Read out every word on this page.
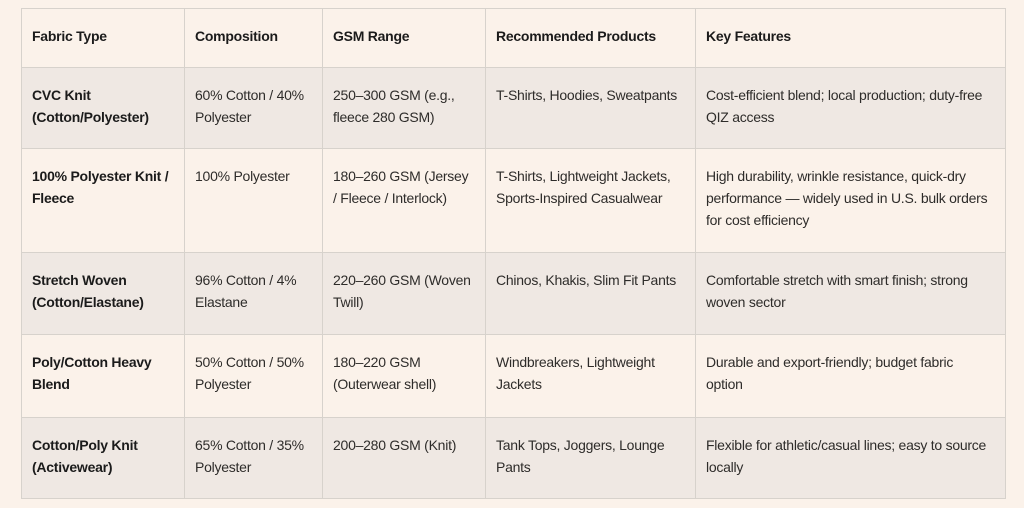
Fabric Type	Composition	GSM Range	Recommended Products	Key Features
CVC Knit (Cotton/Polyester)	60% Cotton / 40% Polyester	250–300 GSM (e.g., fleece 280 GSM)	T-Shirts, Hoodies, Sweatpants	Cost-efficient blend; local production; duty-free QIZ access
100% Polyester Knit / Fleece	100% Polyester	180–260 GSM (Jersey / Fleece / Interlock)	T-Shirts, Lightweight Jackets, Sports-Inspired Casualwear	High durability, wrinkle resistance, quick-dry performance — widely used in U.S. bulk orders for cost efficiency
Stretch Woven (Cotton/Elastane)	96% Cotton / 4% Elastane	220–260 GSM (Woven Twill)	Chinos, Khakis, Slim Fit Pants	Comfortable stretch with smart finish; strong woven sector
Poly/Cotton Heavy Blend	50% Cotton / 50% Polyester	180–220 GSM (Outerwear shell)	Windbreakers, Lightweight Jackets	Durable and export-friendly; budget fabric option
Cotton/Poly Knit (Activewear)	65% Cotton / 35% Polyester	200–280 GSM (Knit)	Tank Tops, Joggers, Lounge Pants	Flexible for athletic/casual lines; easy to source locally
